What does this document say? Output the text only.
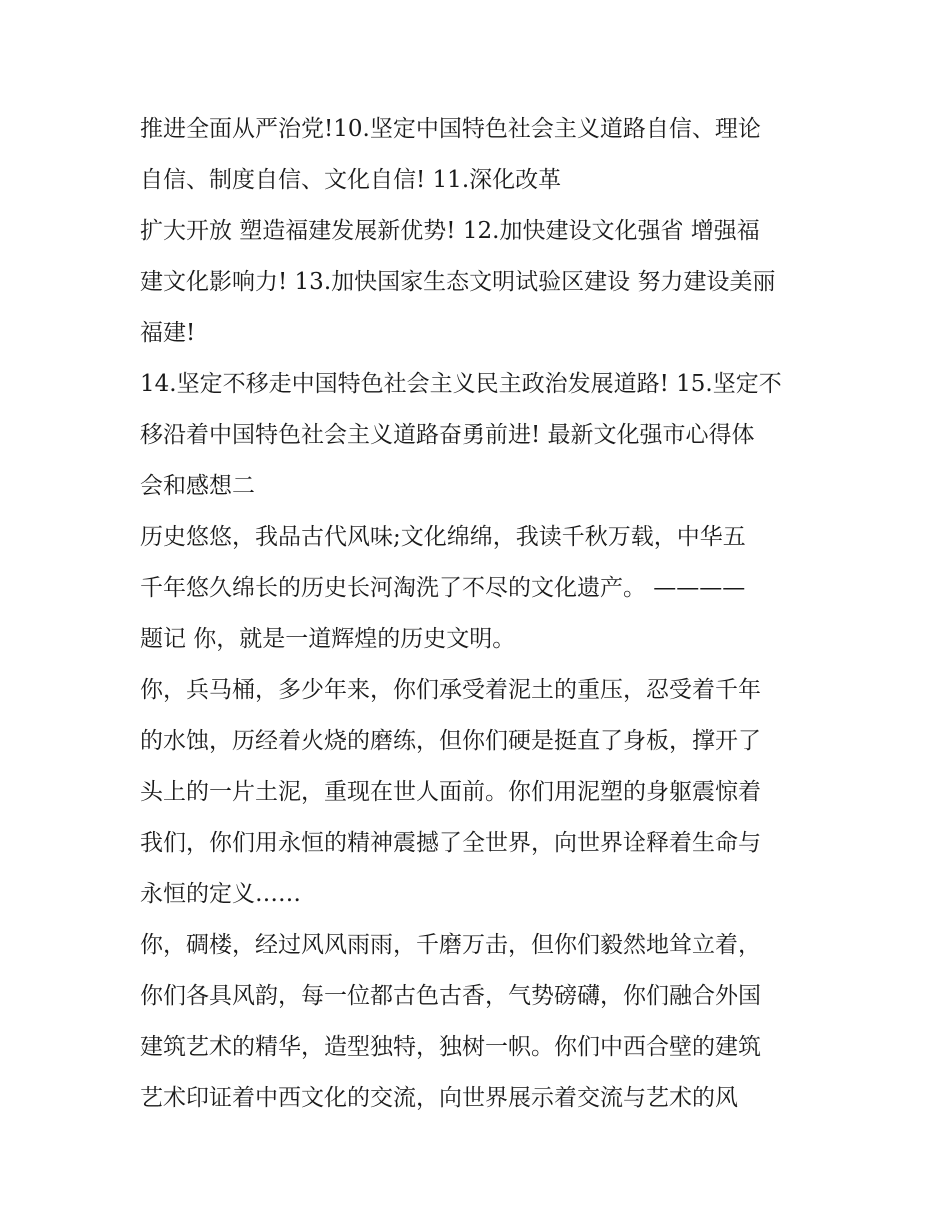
推进全面从严治党!10.坚定中国特色社会主义道路自信、理论
自信、制度自信、文化自信! 11.深化改革
扩大开放 塑造福建发展新优势! 12.加快建设文化强省 增强福
建文化影响力! 13.加快国家生态文明试验区建设 努力建设美丽
福建!
14.坚定不移走中国特色社会主义民主政治发展道路! 15.坚定不
移沿着中国特色社会主义道路奋勇前进! 最新文化强市心得体
会和感想二
历史悠悠，我品古代风味;文化绵绵，我读千秋万载，中华五
千年悠久绵长的历史长河淘洗了不尽的文化遗产。 ————
题记 你，就是一道辉煌的历史文明。
你，兵马桶，多少年来，你们承受着泥土的重压，忍受着千年
的水蚀，历经着火烧的磨练，但你们硬是挺直了身板，撑开了
头上的一片土泥，重现在世人面前。你们用泥塑的身躯震惊着
我们，你们用永恒的精神震撼了全世界，向世界诠释着生命与
永恒的定义……
你，碉楼，经过风风雨雨，千磨万击，但你们毅然地耸立着，
你们各具风韵，每一位都古色古香，气势磅礴，你们融合外国
建筑艺术的精华，造型独特，独树一帜。你们中西合壁的建筑
艺术印证着中西文化的交流，向世界展示着交流与艺术的风
